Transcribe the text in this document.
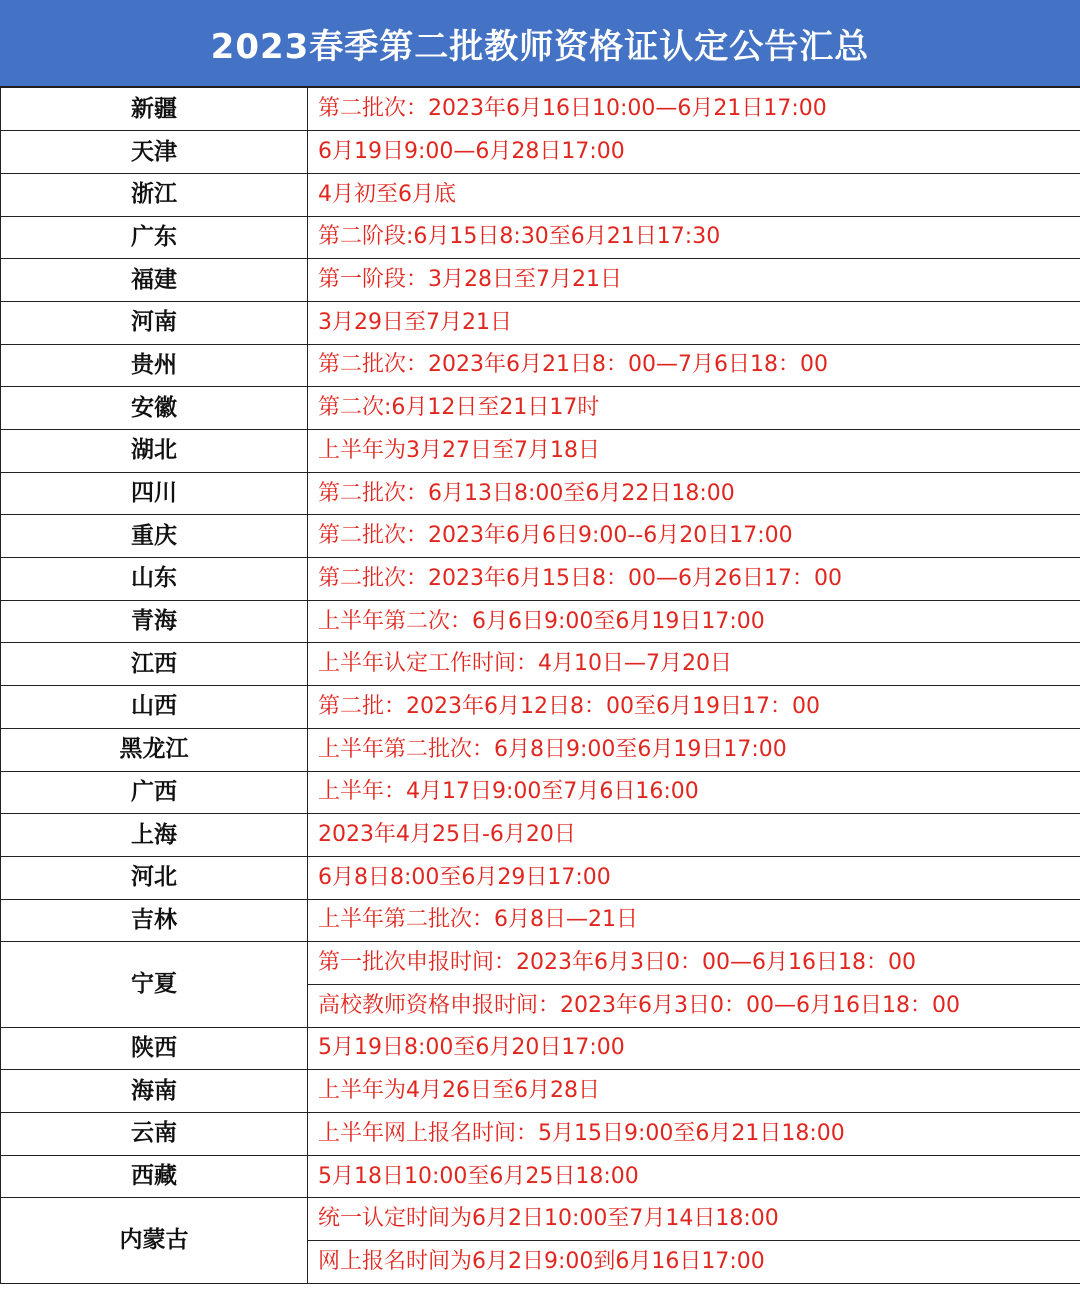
2023春季第二批教师资格证认定公告汇总
新疆	第二批次：2023年6月16日10:00—6月21日17:00
天津	6月19日9:00—6月28日17:00
浙江	4月初至6月底
广东	第二阶段:6月15日8:30至6月21日17:30
福建	第一阶段：3月28日至7月21日
河南	3月29日至7月21日
贵州	第二批次：2023年6月21日8：00—7月6日18：00
安徽	第二次:6月12日至21日17时
湖北	上半年为3月27日至7月18日
四川	第二批次：6月13日8:00至6月22日18:00
重庆	第二批次：2023年6月6日9:00--6月20日17:00
山东	第二批次：2023年6月15日8：00—6月26日17：00
青海	上半年第二次：6月6日9:00至6月19日17:00
江西	上半年认定工作时间：4月10日—7月20日
山西	第二批：2023年6月12日8：00至6月19日17：00
黑龙江	上半年第二批次：6月8日9:00至6月19日17:00
广西	上半年：4月17日9:00至7月6日16:00
上海	2023年4月25日-6月20日
河北	6月8日8:00至6月29日17:00
吉林	上半年第二批次：6月8日—21日
宁夏	第一批次申报时间：2023年6月3日0：00—6月16日18：00
	高校教师资格申报时间：2023年6月3日0：00—6月16日18：00
陕西	5月19日8:00至6月20日17:00
海南	上半年为4月26日至6月28日
云南	上半年网上报名时间：5月15日9:00至6月21日18:00
西藏	5月18日10:00至6月25日18:00
内蒙古	统一认定时间为6月2日10:00至7月14日18:00
	网上报名时间为6月2日9:00到6月16日17:00
